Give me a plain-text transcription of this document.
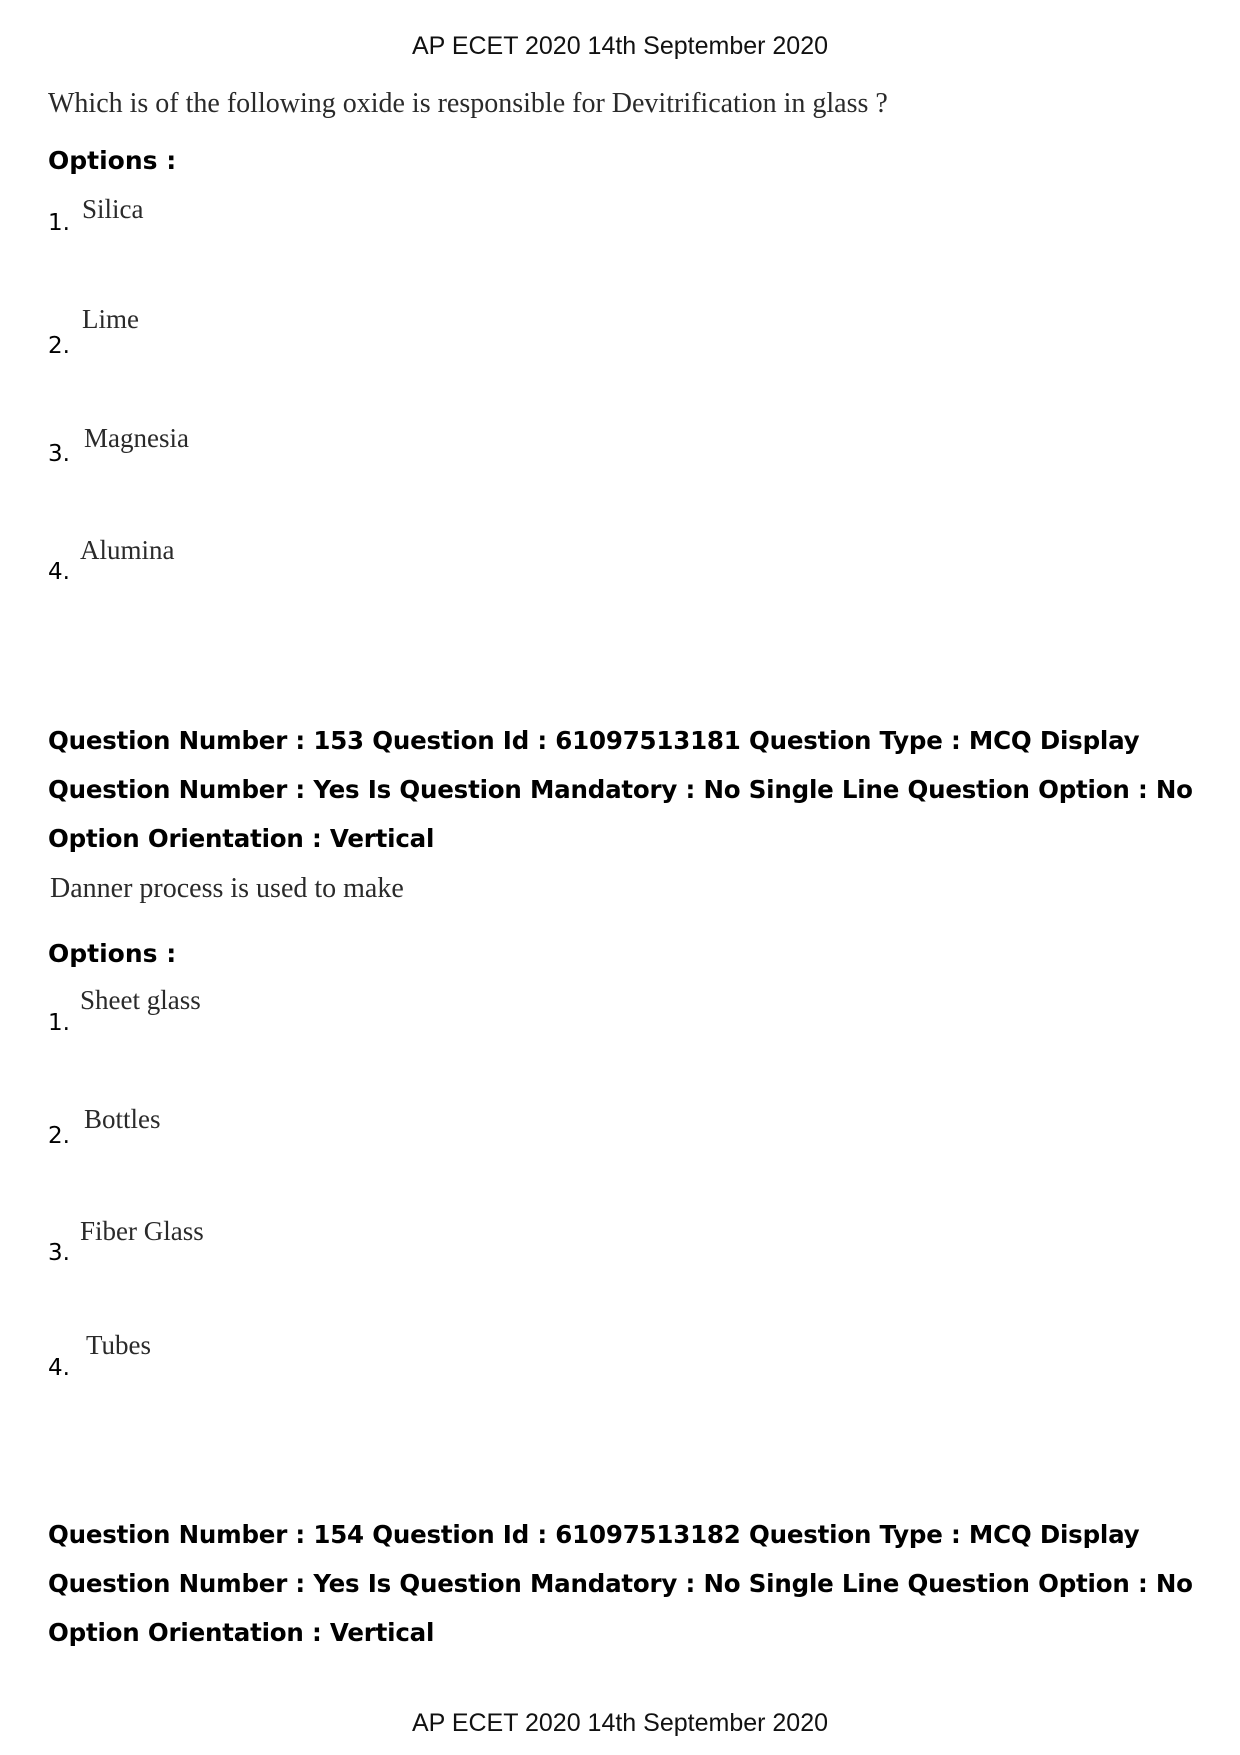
AP ECET 2020 14th September 2020
Which is of the following oxide is responsible for Devitrification in glass ?
Options :
1. Silica
2.
Lime
3.
Magnesia
4.
Alumina
Question Number : 153 Question Id : 61097513181 Question Type : MCQ Display Question Number : Yes Is Question Mandatory : No Single Line Question Option : No Option Orientation : Vertical
Danner process is used to make
Options :
1.
Sheet glass
2.
Bottles
3.
Fiber Glass
4.
Tubes
Question Number : 154 Question Id : 61097513182 Question Type : MCQ Display Question Number : Yes Is Question Mandatory : No Single Line Question Option : No Option Orientation : Vertical
AP ECET 2020 14th September 2020
